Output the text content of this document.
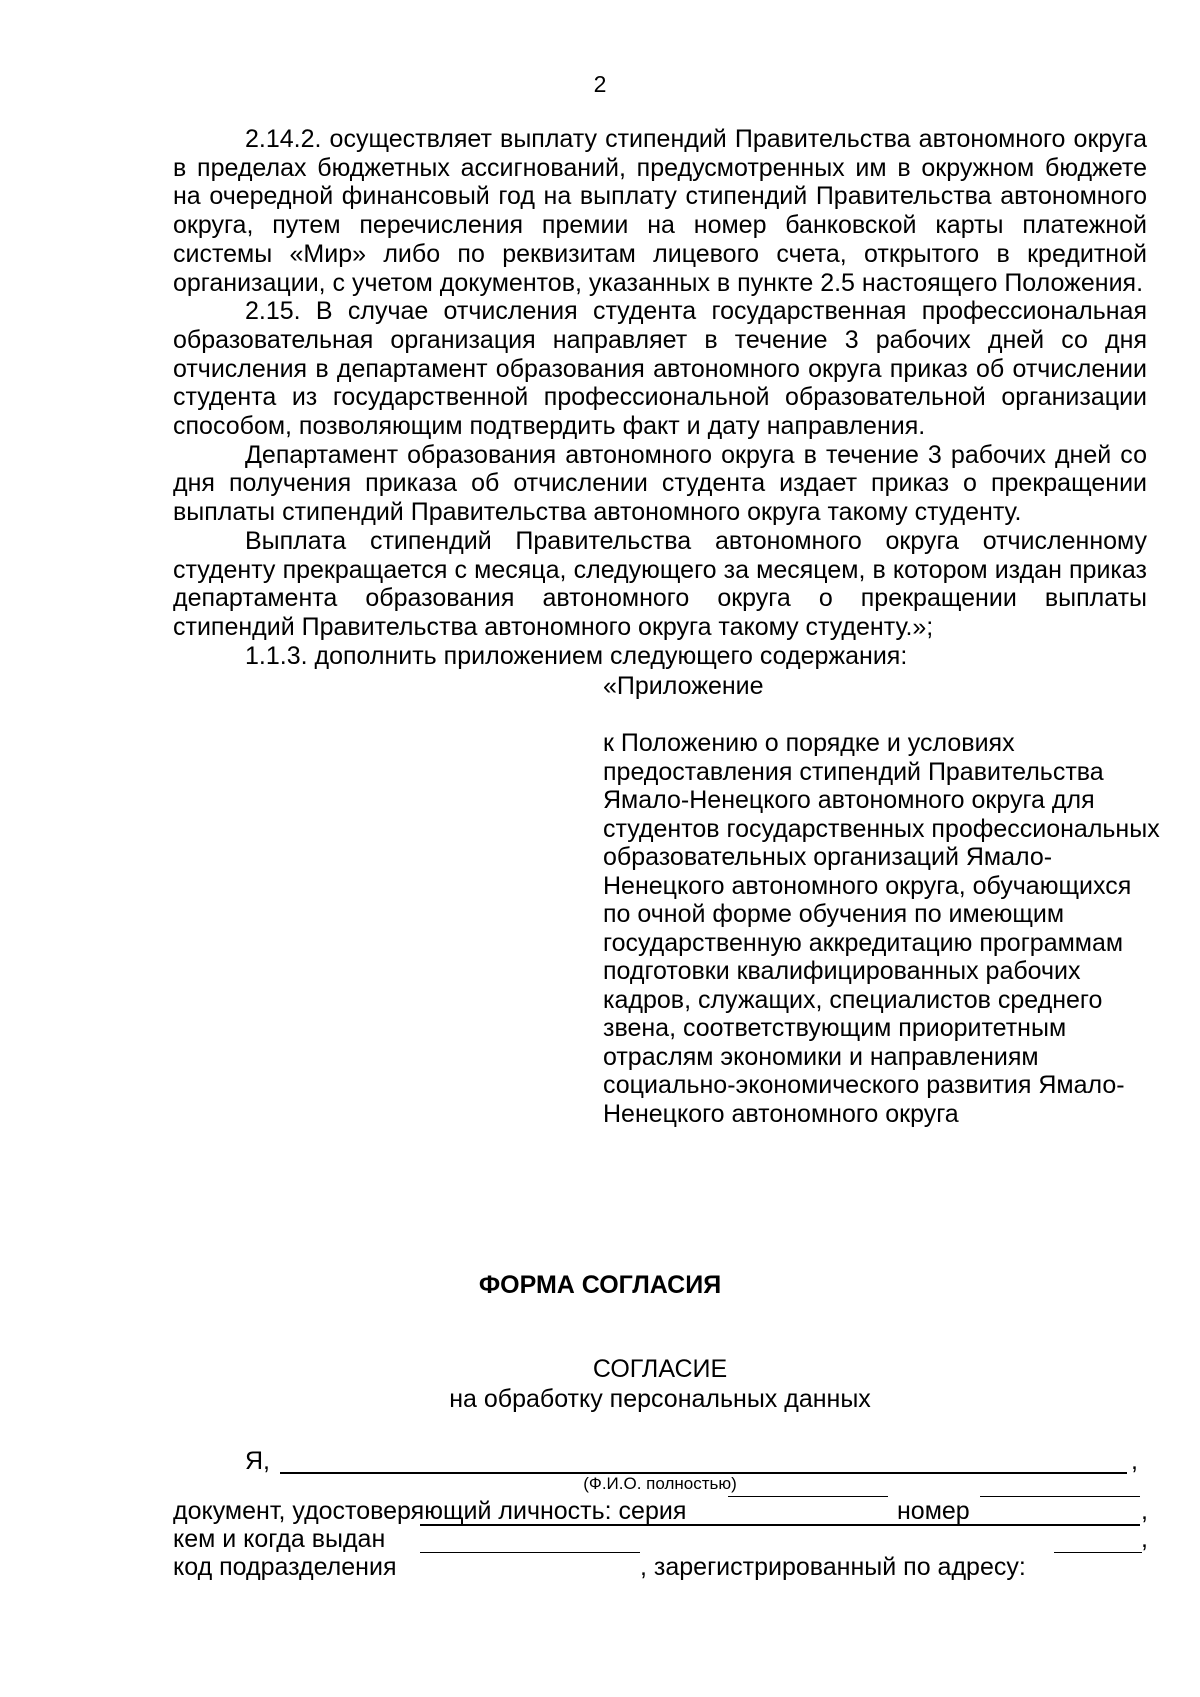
2

2.14.2. осуществляет выплату стипендий Правительства автономного округа в пределах бюджетных ассигнований, предусмотренных им в окружном бюджете на очередной финансовый год на выплату стипендий Правительства автономного округа, путем перечисления премии на номер банковской карты платежной системы «Мир» либо по реквизитам лицевого счета, открытого в кредитной организации, с учетом документов, указанных в пункте 2.5 настоящего Положения.

2.15. В случае отчисления студента государственная профессиональная образовательная организация направляет в течение 3 рабочих дней со дня отчисления в департамент образования автономного округа приказ об отчислении студента из государственной профессиональной образовательной организации способом, позволяющим подтвердить факт и дату направления.

Департамент образования автономного округа в течение 3 рабочих дней со дня получения приказа об отчислении студента издает приказ о прекращении выплаты стипендий Правительства автономного округа такому студенту.

Выплата стипендий Правительства автономного округа отчисленному студенту прекращается с месяца, следующего за месяцем, в котором издан приказ департамента образования автономного округа о прекращении выплаты стипендий Правительства автономного округа такому студенту.»;

1.1.3. дополнить приложением следующего содержания:

«Приложение

к Положению о порядке и условиях предоставления стипендий Правительства Ямало-Ненецкого автономного округа для студентов государственных профессиональных образовательных организаций Ямало-Ненецкого автономного округа, обучающихся по очной форме обучения по имеющим государственную аккредитацию программам подготовки квалифицированных рабочих кадров, служащих, специалистов среднего звена, соответствующим приоритетным отраслям экономики и направлениям социально-экономического развития Ямало-Ненецкого автономного округа

ФОРМА СОГЛАСИЯ
СОГЛАСИЕ
на обработку персональных данных
Я,	,
(Ф.И.О. полностью)
документ, удостоверяющий личность: серия	номер	,
кем и когда выдан	,
код подразделения	, зарегистрированный по адресу:
